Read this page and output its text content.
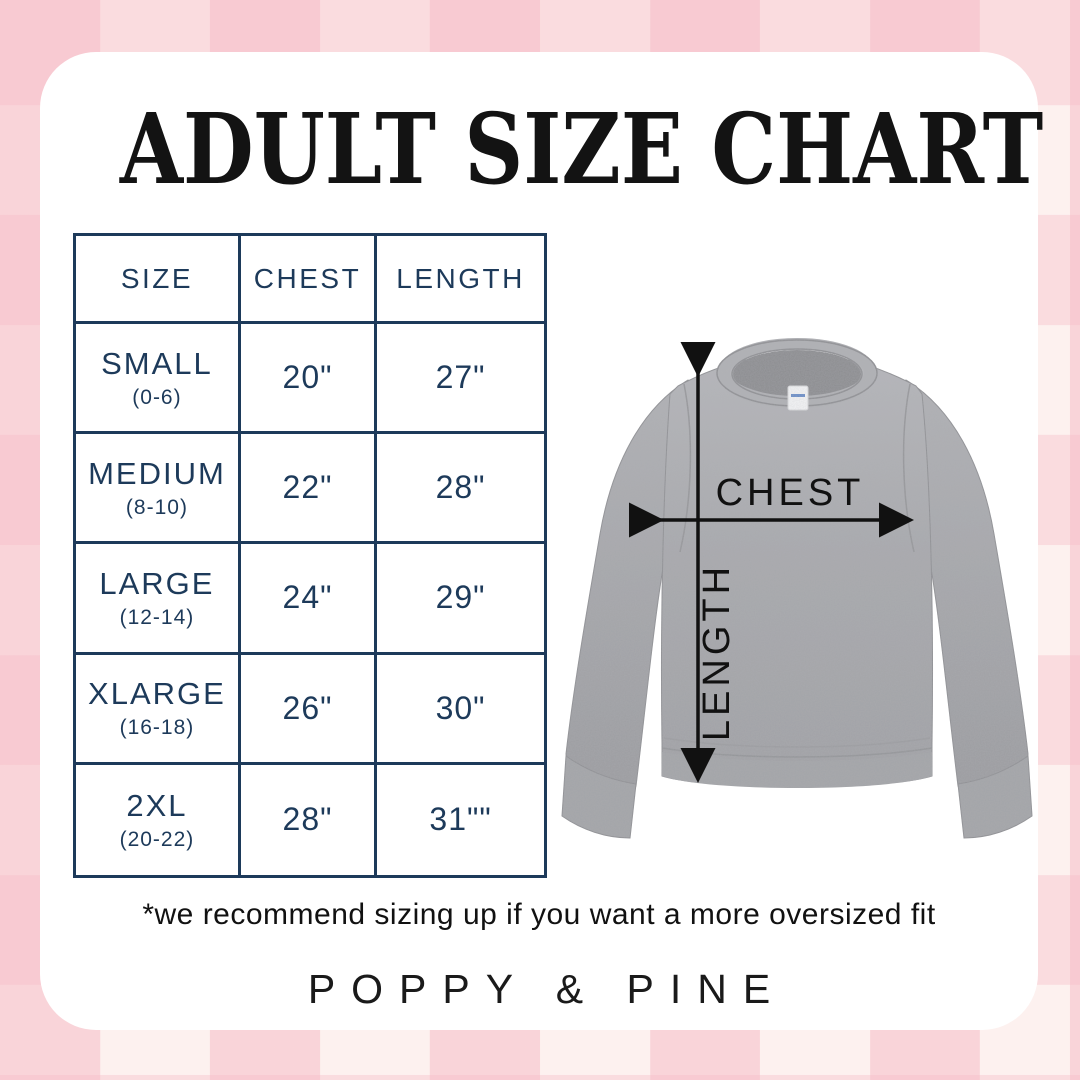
ADULT SIZE CHART
SIZE	CHEST	LENGTH
SMALL
(0-6)
20"	27"
MEDIUM
(8-10)
22"	28"
LARGE
(12-14)
24"	29"
XLARGE
(16-18)
26"	30"
2XL
(20-22)
28"	31""
CHEST
LENGTH

*we recommend sizing up if you want a more oversized fit

POPPY & PINE
